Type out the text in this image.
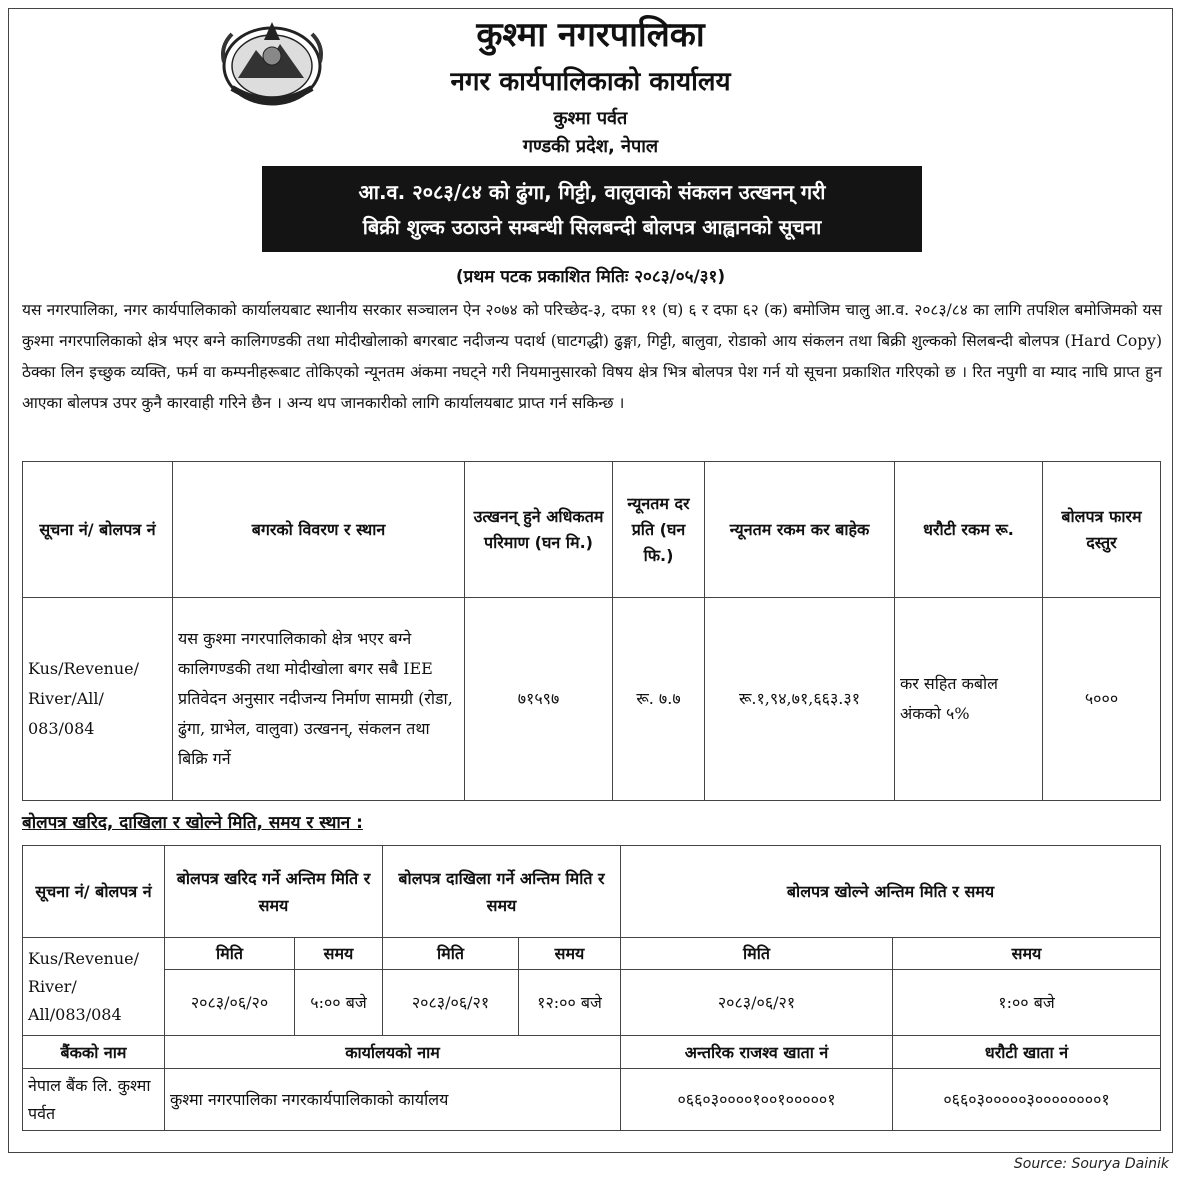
कुश्मा नगरपालिका
नगर कार्यपालिकाको कार्यालय
कुश्मा पर्वत
गण्डकी प्रदेश, नेपाल
आ.व. २०८३/८४ को ढुंगा, गिट्टी, वालुवाको संकलन उत्खनन् गरी
बिक्री शुल्क उठाउने सम्बन्धी सिलबन्दी बोलपत्र आह्वानको सूचना
(प्रथम पटक प्रकाशित मितिः २०८३/०५/३१)
यस नगरपालिका, नगर कार्यपालिकाको कार्यालयबाट स्थानीय सरकार सञ्चालन ऐन २०७४ को परिच्छेद-३, दफा ११ (घ) ६ र दफा ६२ (क) बमोजिम चालु आ.व. २०८३/८४ का लागि तपशिल बमोजिमको यस कुश्मा नगरपालिकाको क्षेत्र भएर बग्ने कालिगण्डकी तथा मोदीखोलाको बगरबाट नदीजन्य पदार्थ (घाटगद्धी) ढुङ्गा, गिट्टी, बालुवा, रोडाको आय संकलन तथा बिक्री शुल्कको सिलबन्दी बोलपत्र (Hard Copy) ठेक्का लिन इच्छुक व्यक्ति, फर्म वा कम्पनीहरूबाट तोकिएको न्यूनतम अंकमा नघट्ने गरी नियमानुसारको विषय क्षेत्र भित्र बोलपत्र पेश गर्न यो सूचना प्रकाशित गरिएको छ । रित नपुगी वा म्याद नाघि प्राप्त हुन आएका बोलपत्र उपर कुनै कारवाही गरिने छैन । अन्य थप जानकारीको लागि कार्यालयबाट प्राप्त गर्न सकिन्छ ।
सूचना नं/ बोलपत्र नं	बगरको विवरण र स्थान	उत्खनन् हुने अधिकतम परिमाण (घन मि.)	न्यूनतम दर प्रति (घन फि.)	न्यूनतम रकम कर बाहेक	धरौटी रकम रू.	बोलपत्र फारम दस्तुर
Kus/Revenue/ River/All/ 083/084	यस कुश्मा नगरपालिकाको क्षेत्र भएर बग्ने कालिगण्डकी तथा मोदीखोला बगर सबै IEE प्रतिवेदन अनुसार नदीजन्य निर्माण सामग्री (रोडा, ढुंगा, ग्राभेल, वालुवा) उत्खनन्, संकलन तथा बिक्रि गर्ने	७१५९७	रू. ७.७	रू.१,९४,७१,६६३.३१	कर सहित कबोल अंकको ५%	५०००
बोलपत्र खरिद, दाखिला र खोल्ने मिति, समय र स्थान :
सूचना नं/ बोलपत्र नं	बोलपत्र खरिद गर्ने अन्तिम मिति र समय		बोलपत्र दाखिला गर्ने अन्तिम मिति र समय		बोलपत्र खोल्ने अन्तिम मिति र समय	
Kus/Revenue/ River/ All/083/084	मिति	समय	मिति	समय	मिति	समय
	२०८३/०६/२०	५:०० बजे	२०८३/०६/२१	१२:०० बजे	२०८३/०६/२१	१:०० बजे
बैंकको नाम	कार्यालयको नाम				अन्तरिक राजश्व खाता नं	धरौटी खाता नं
नेपाल बैंक लि. कुश्मा पर्वत	कुश्मा नगरपालिका नगरकार्यपालिकाको कार्यालय				०६६०३००००१००१०००००१	०६६०३०००००३००००००००१
Source: Sourya Dainik
